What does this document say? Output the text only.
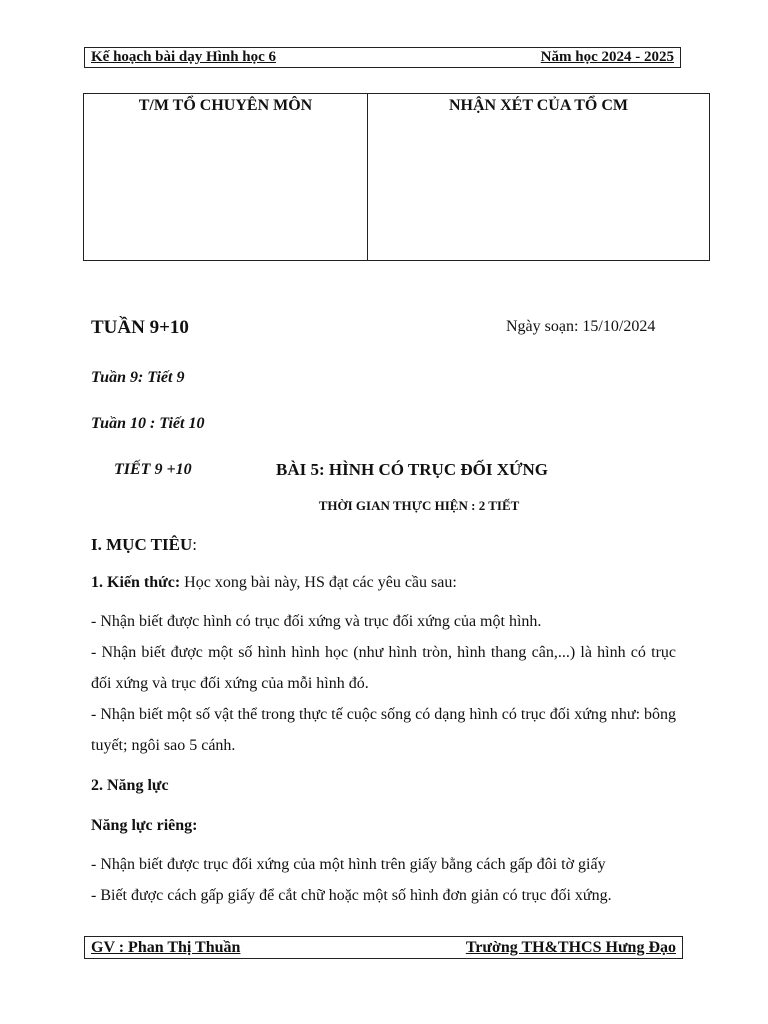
Kế hoạch bài dạy Hình học 6	Năm học 2024 - 2025
T/M TỔ CHUYÊN MÔN	NHẬN XÉT CỦA TỔ CM
TUẦN 9+10	Ngày soạn: 15/10/2024
Tuần 9: Tiết 9
Tuần 10 : Tiết 10
TIẾT 9 +10	BÀI 5: HÌNH CÓ TRỤC ĐỐI XỨNG
THỜI GIAN THỰC HIỆN : 2 TIẾT
I. MỤC TIÊU:
1. Kiến thức: Học xong bài này, HS đạt các yêu cầu sau:
- Nhận biết được hình có trục đối xứng và trục đối xứng của một hình.
- Nhận biết được một số hình hình học (như hình tròn, hình thang cân,...) là hình có trục đối xứng và trục đối xứng của mỗi hình đó.
- Nhận biết một số vật thể trong thực tế cuộc sống có dạng hình có trục đối xứng như: bông tuyết; ngôi sao 5 cánh.
2. Năng lực
Năng lực riêng:
- Nhận biết được trục đối xứng của một hình trên giấy bằng cách gấp đôi tờ giấy
- Biết được cách gấp giấy để cắt chữ hoặc một số hình đơn giản có trục đối xứng.
GV : Phan Thị Thuần	Trường TH&THCS Hưng Đạo
